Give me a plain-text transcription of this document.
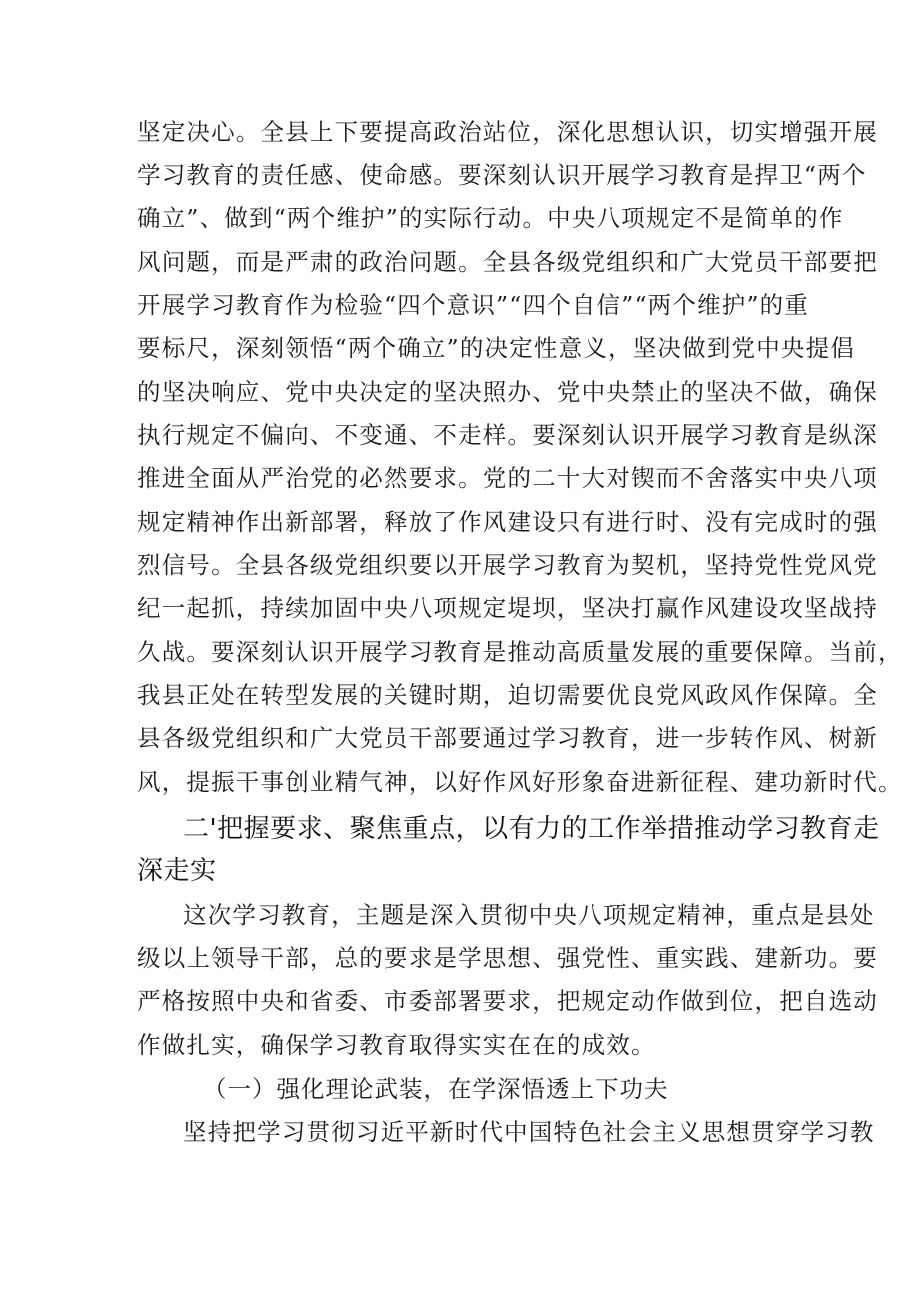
坚定决心。全县上下要提高政治站位，深化思想认识，切实增强开展
学习教育的责任感、使命感。要深刻认识开展学习教育是捍卫“两个
确立”、做到“两个维护”的实际行动。中央八项规定不是简单的作
风问题，而是严肃的政治问题。全县各级党组织和广大党员干部要把
开展学习教育作为检验“四个意识”“四个自信”“两个维护”的重
要标尺，深刻领悟“两个确立”的决定性意义，坚决做到党中央提倡
的坚决响应、党中央决定的坚决照办、党中央禁止的坚决不做，确保
执行规定不偏向、不变通、不走样。要深刻认识开展学习教育是纵深
推进全面从严治党的必然要求。党的二十大对锲而不舍落实中央八项
规定精神作出新部署，释放了作风建设只有进行时、没有完成时的强
烈信号。全县各级党组织要以开展学习教育为契机，坚持党性党风党
纪一起抓，持续加固中央八项规定堤坝，坚决打赢作风建设攻坚战持
久战。要深刻认识开展学习教育是推动高质量发展的重要保障。当前，
我县正处在转型发展的关键时期，迫切需要优良党风政风作保障。全
县各级党组织和广大党员干部要通过学习教育，进一步转作风、树新
风，提振干事创业精气神，以好作风好形象奋进新征程、建功新时代。
二'把握要求、聚焦重点，以有力的工作举措推动学习教育走
深走实
这次学习教育，主题是深入贯彻中央八项规定精神，重点是县处
级以上领导干部，总的要求是学思想、强党性、重实践、建新功。要
严格按照中央和省委、市委部署要求，把规定动作做到位，把自选动
作做扎实，确保学习教育取得实实在在的成效。
（一）强化理论武装，在学深悟透上下功夫
坚持把学习贯彻习近平新时代中国特色社会主义思想贯穿学习教
